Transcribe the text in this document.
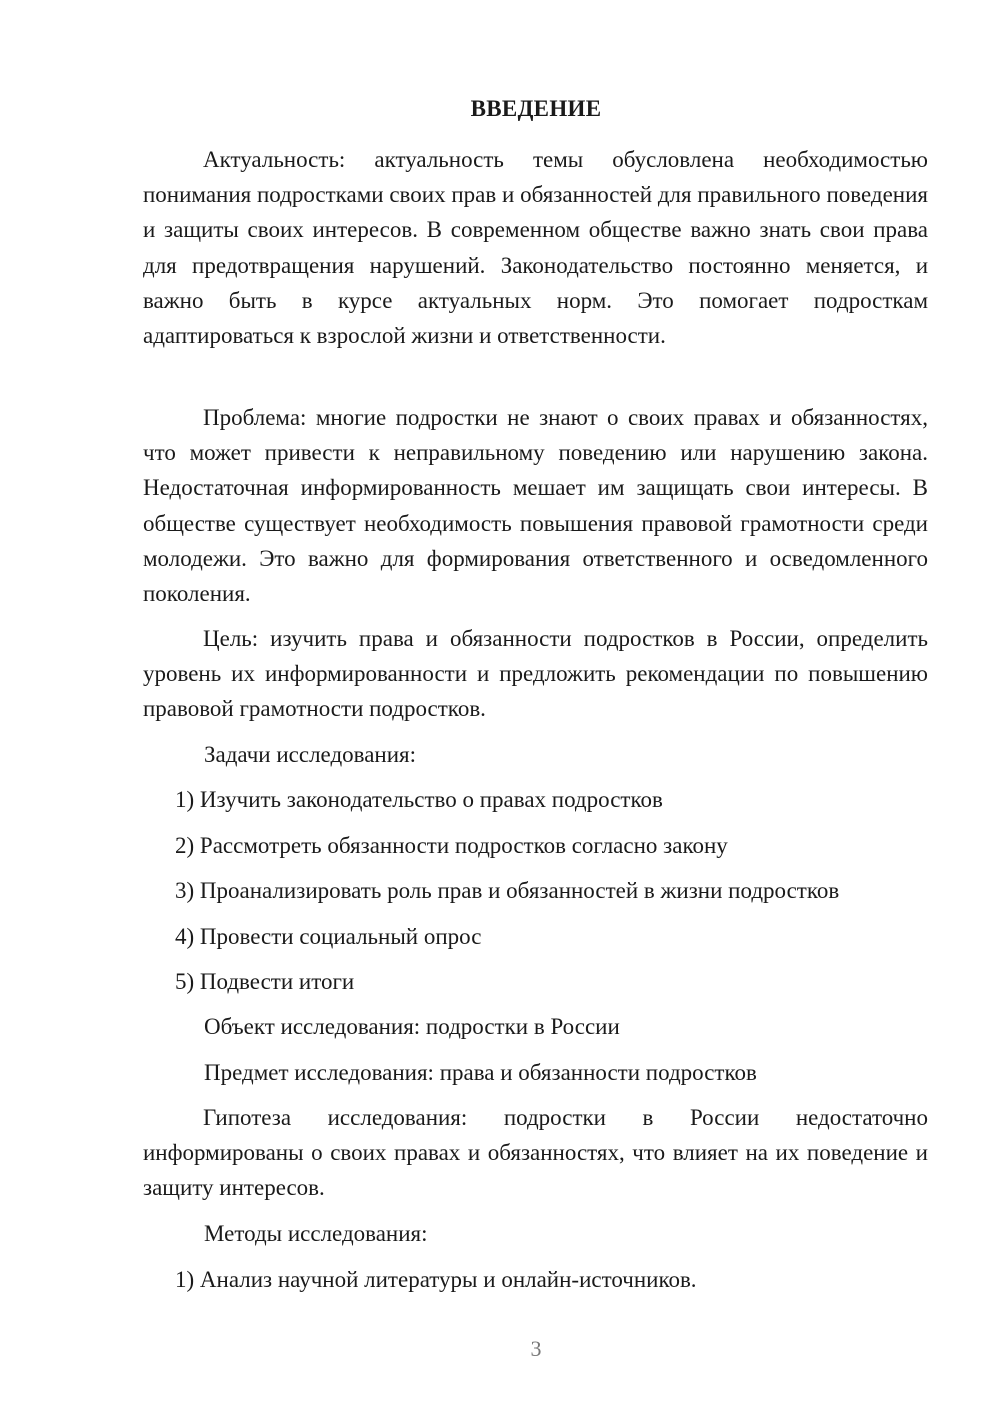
ВВЕДЕНИЕ

Актуальность: актуальность темы обусловлена необходимостью понимания подростками своих прав и обязанностей для правильного поведения и защиты своих интересов. В современном обществе важно знать свои права для предотвращения нарушений. Законодательство постоянно меняется, и важно быть в курсе актуальных норм. Это помогает подросткам адаптироваться к взрослой жизни и ответственности.

Проблема: многие подростки не знают о своих правах и обязанностях, что может привести к неправильному поведению или нарушению закона. Недостаточная информированность мешает им защищать свои интересы. В обществе существует необходимость повышения правовой грамотности среди молодежи. Это важно для формирования ответственного и осведомленного поколения.

Цель: изучить права и обязанности подростков в России, определить уровень их информированности и предложить рекомендации по повышению правовой грамотности подростков.

Задачи исследования:

1) Изучить законодательство о правах подростков

2) Рассмотреть обязанности подростков согласно закону

3) Проанализировать роль прав и обязанностей в жизни подростков

4) Провести социальный опрос

5) Подвести итоги

Объект исследования: подростки в России

Предмет исследования: права и обязанности подростков

Гипотеза исследования: подростки в России недостаточно информированы о своих правах и обязанностях, что влияет на их поведение и защиту интересов.

Методы исследования:

1) Анализ научной литературы и онлайн-источников.

3
